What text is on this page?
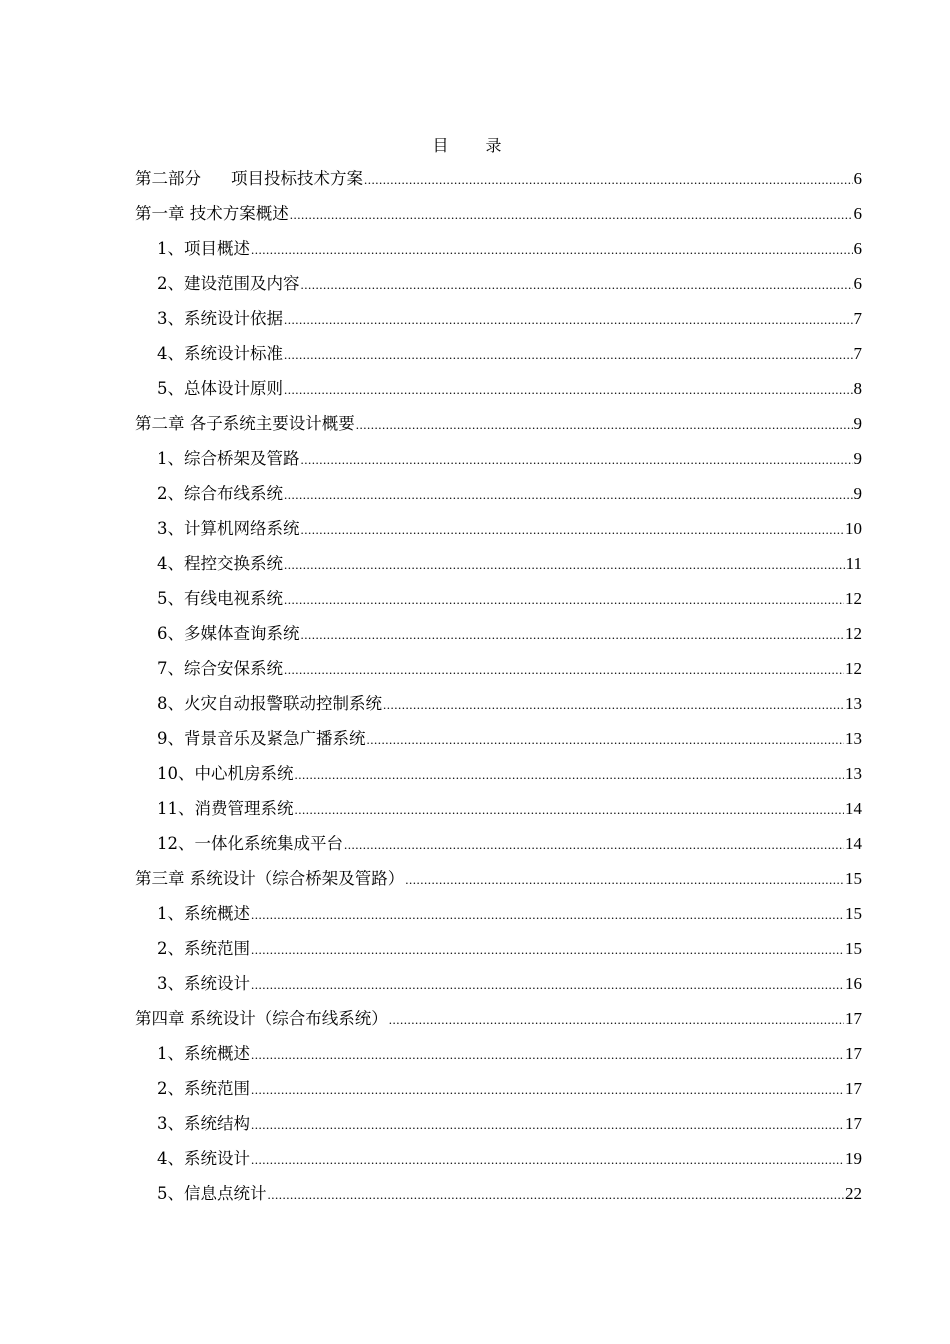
目 录
第二部分 项目投标技术方案 .....	6
第一章 技术方案概述 .....	6
1、项目概述 .....	6
2、建设范围及内容 .....	6
3、系统设计依据 .....	7
4、系统设计标准 .....	7
5、总体设计原则 .....	8
第二章 各子系统主要设计概要 .....	9
1、综合桥架及管路 .....	9
2、综合布线系统 .....	9
3、计算机网络系统 .....	10
4、程控交换系统 .....	11
5、有线电视系统 .....	12
6、多媒体查询系统 .....	12
7、综合安保系统 .....	12
8、火灾自动报警联动控制系统 .....	13
9、背景音乐及紧急广播系统 .....	13
10、中心机房系统 .....	13
11、消费管理系统 .....	14
12、一体化系统集成平台 .....	14
第三章 系统设计（综合桥架及管路） .....	15
1、系统概述 .....	15
2、系统范围 .....	15
3、系统设计 .....	16
第四章 系统设计（综合布线系统） .....	17
1、系统概述 .....	17
2、系统范围 .....	17
3、系统结构 .....	17
4、系统设计 .....	19
5、信息点统计 .....	22
